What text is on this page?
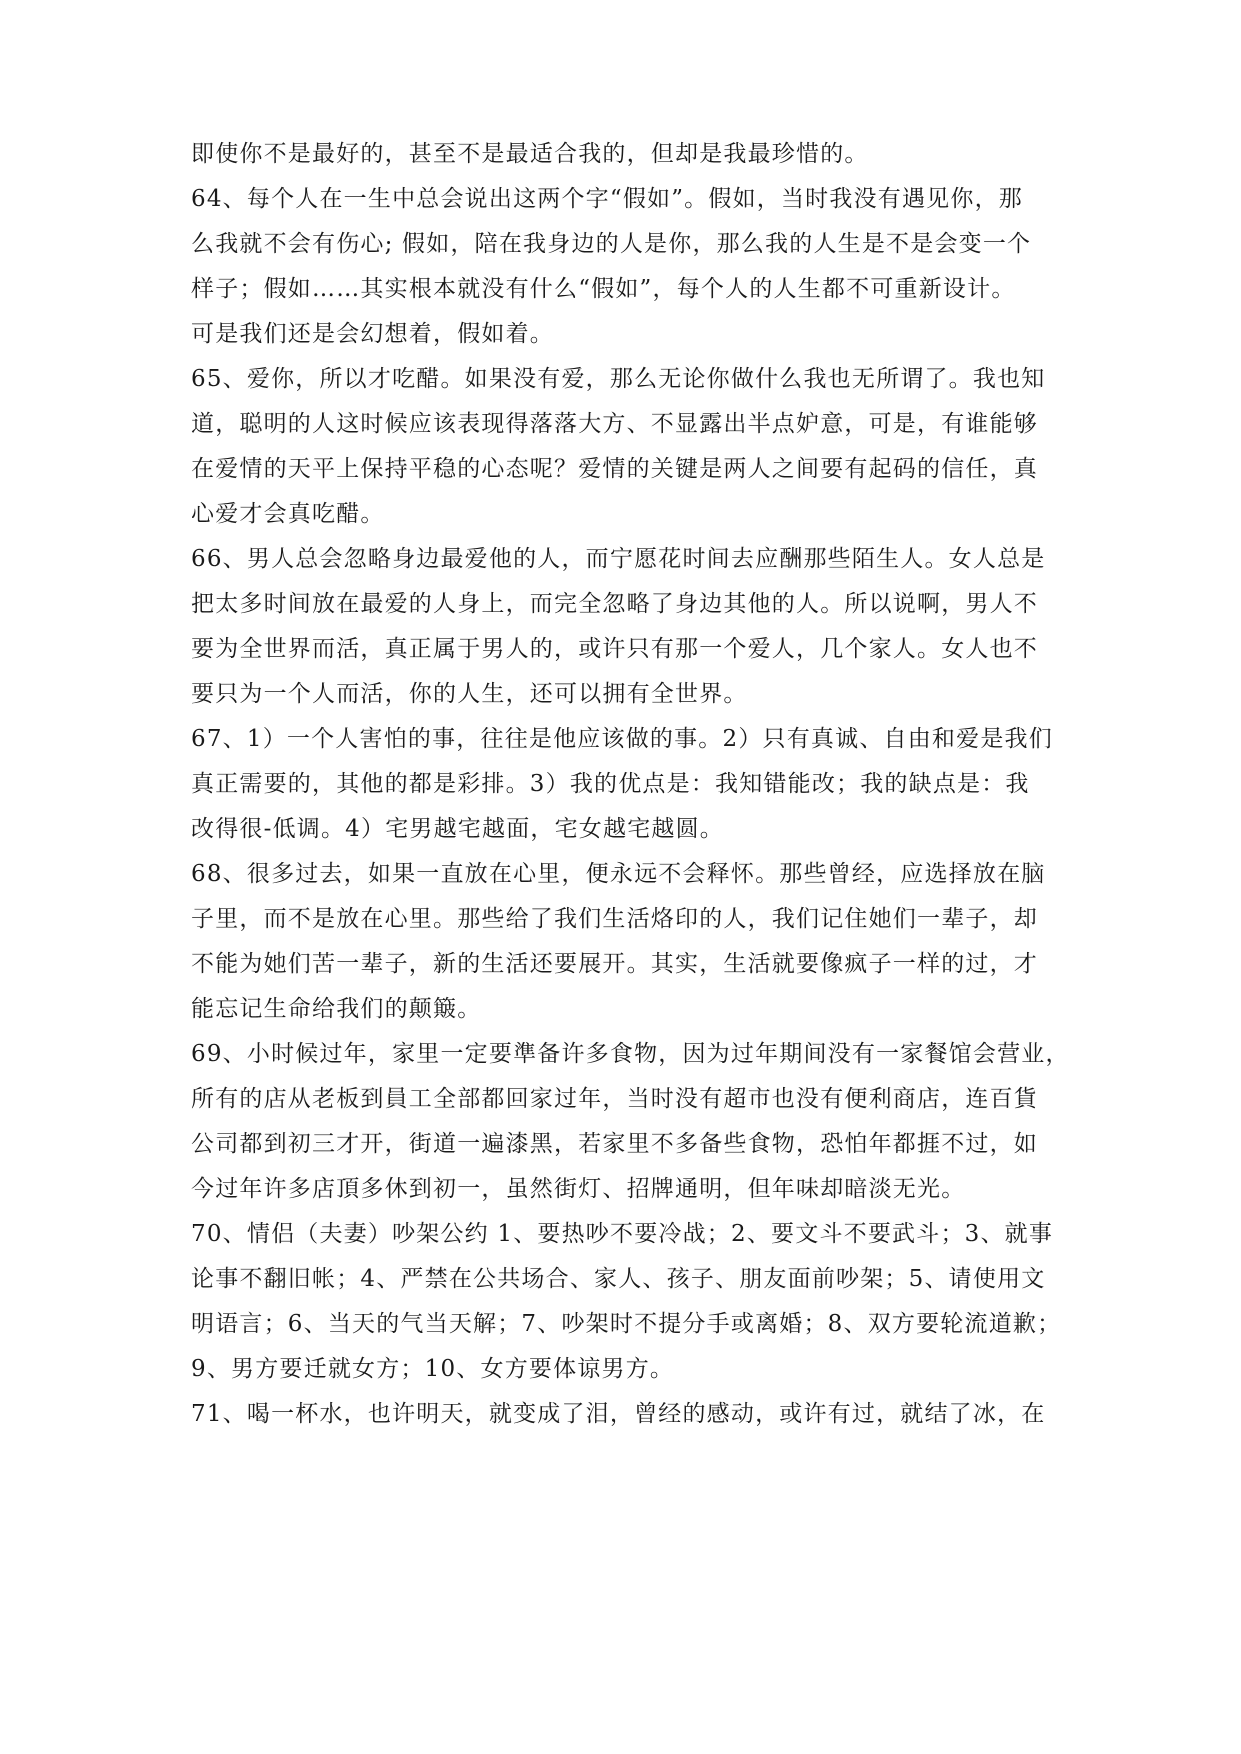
即使你不是最好的，甚至不是最适合我的，但却是我最珍惜的。
64、每个人在一生中总会说出这两个字“假如”。假如，当时我没有遇见你，那
么我就不会有伤心; 假如，陪在我身边的人是你，那么我的人生是不是会变一个
样子；假如……其实根本就没有什么“假如”，每个人的人生都不可重新设计。
可是我们还是会幻想着，假如着。
65、爱你，所以才吃醋。如果没有爱，那么无论你做什么我也无所谓了。我也知
道，聪明的人这时候应该表现得落落大方、不显露出半点妒意，可是，有谁能够
在爱情的天平上保持平稳的心态呢？爱情的关键是两人之间要有起码的信任，真
心爱才会真吃醋。
66、男人总会忽略身边最爱他的人，而宁愿花时间去应酬那些陌生人。女人总是
把太多时间放在最爱的人身上，而完全忽略了身边其他的人。所以说啊，男人不
要为全世界而活，真正属于男人的，或许只有那一个爱人，几个家人。女人也不
要只为一个人而活，你的人生，还可以拥有全世界。
67、1）一个人害怕的事，往往是他应该做的事。2）只有真诚、自由和爱是我们
真正需要的，其他的都是彩排。3）我的优点是：我知错能改；我的缺点是：我
改得很-低调。4）宅男越宅越面，宅女越宅越圆。
68、很多过去，如果一直放在心里，便永远不会释怀。那些曾经，应选择放在脑
子里，而不是放在心里。那些给了我们生活烙印的人，我们记住她们一辈子，却
不能为她们苦一辈子，新的生活还要展开。其实，生活就要像疯子一样的过，才
能忘记生命给我们的颠簸。
69、小时候过年，家里一定要準备许多食物，因为过年期间没有一家餐馆会营业，
所有的店从老板到員工全部都回家过年，当时没有超市也没有便利商店，连百貨
公司都到初三才开，街道一遍漆黑，若家里不多备些食物，恐怕年都捱不过，如
今过年许多店頂多休到初一，虽然街灯、招牌通明，但年味却暗淡无光。
70、情侣（夫妻）吵架公约 1、要热吵不要冷战；2、要文斗不要武斗；3、就事
论事不翻旧帐；4、严禁在公共场合、家人、孩子、朋友面前吵架；5、请使用文
明语言；6、当天的气当天解；7、吵架时不提分手或离婚；8、双方要轮流道歉；
9、男方要迁就女方；10、女方要体谅男方。
71、喝一杯水，也许明天，就变成了泪，曾经的感动，或许有过，就结了冰，在
